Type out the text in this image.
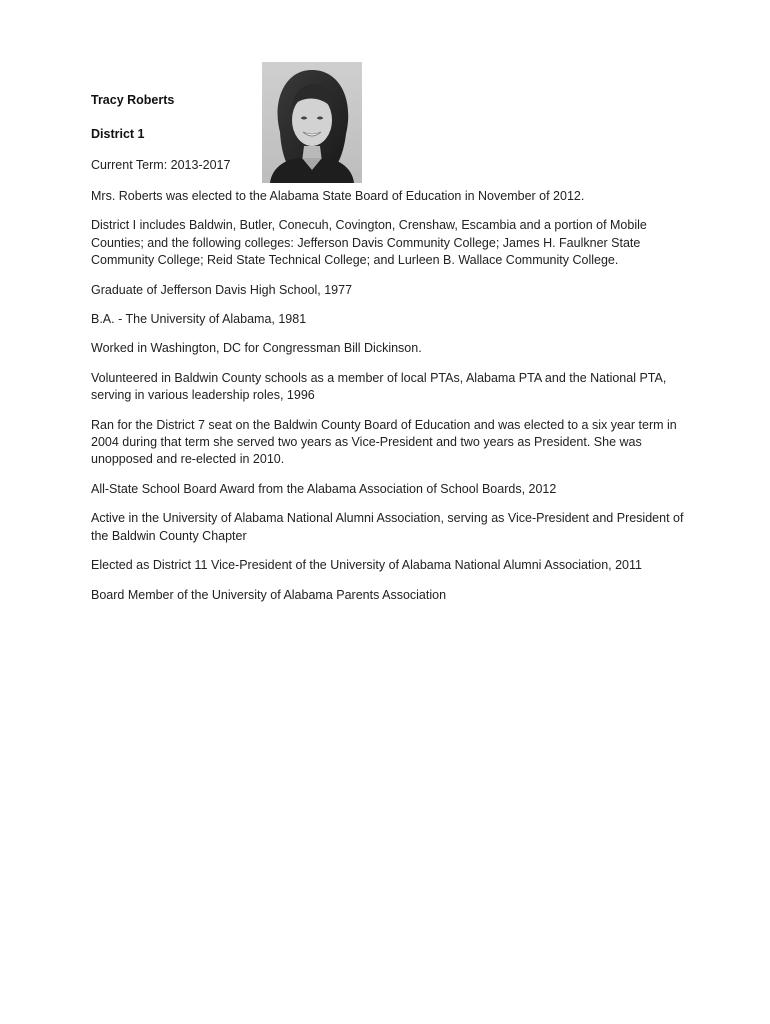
Tracy Roberts
District 1
Current Term: 2013-2017

Mrs. Roberts was elected to the Alabama State Board of Education in November of 2012.

District I includes Baldwin, Butler, Conecuh, Covington, Crenshaw, Escambia and a portion of Mobile Counties; and the following colleges: Jefferson Davis Community College; James H. Faulkner State Community College; Reid State Technical College; and Lurleen B. Wallace Community College.

Graduate of Jefferson Davis High School, 1977

B.A. - The University of Alabama, 1981

Worked in Washington, DC for Congressman Bill Dickinson.

Volunteered in Baldwin County schools as a member of local PTAs, Alabama PTA and the National PTA, serving in various leadership roles, 1996

Ran for the District 7 seat on the Baldwin County Board of Education and was elected to a six year term in 2004 during that term she served two years as Vice-President and two years as President. She was unopposed and re-elected in 2010.

All-State School Board Award from the Alabama Association of School Boards, 2012

Active in the University of Alabama National Alumni Association, serving as Vice-President and President of the Baldwin County Chapter

Elected as District 11 Vice-President of the University of Alabama National Alumni Association, 2011

Board Member of the University of Alabama Parents Association
